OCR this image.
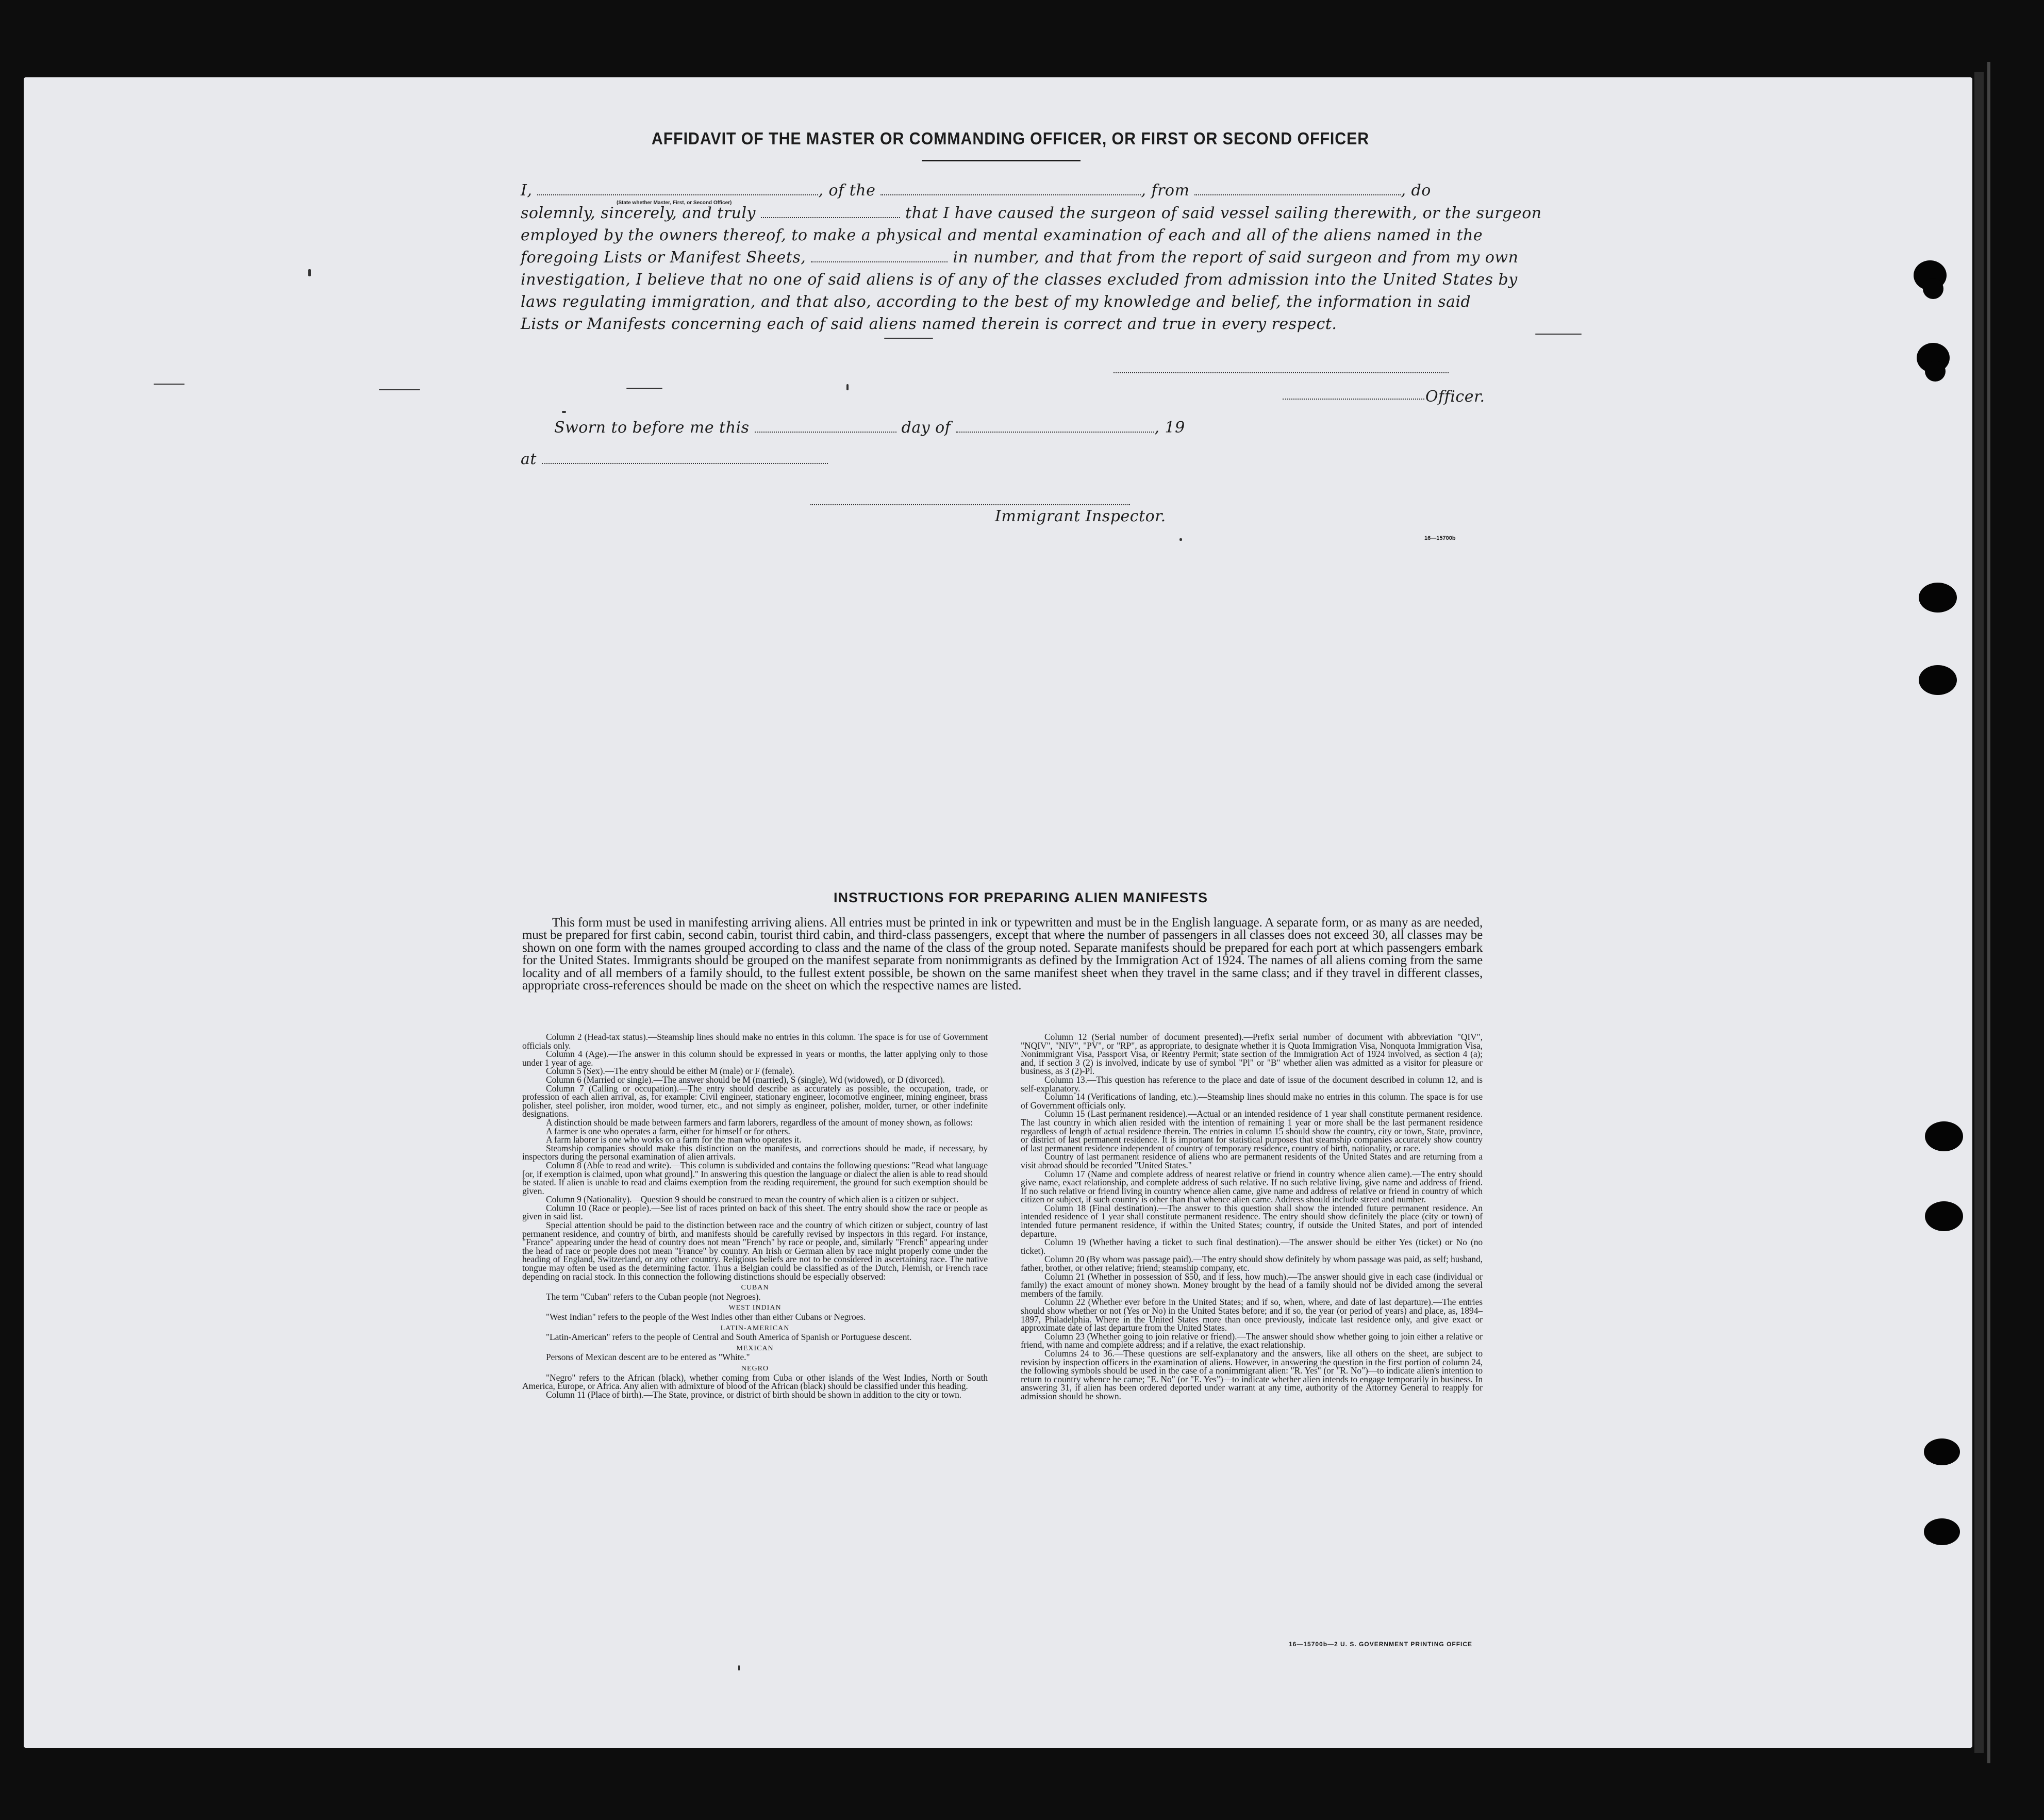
AFFIDAVIT OF THE MASTER OR COMMANDING OFFICER, OR FIRST OR SECOND OFFICER
I,	, of the	, from	, do
(State whether Master, First, or Second Officer)
solemnly, sincerely, and truly	that I have caused the surgeon of said vessel sailing therewith, or the surgeon
employed by the owners thereof, to make a physical and mental examination of each and all of the aliens named in the
foregoing Lists or Manifest Sheets,	in number, and that from the report of said surgeon and from my own
investigation, I believe that no one of said aliens is of any of the classes excluded from admission into the United States by
laws regulating immigration, and that also, according to the best of my knowledge and belief, the information in said
Lists or Manifests concerning each of said aliens named therein is correct and true in every respect.
Officer.
Sworn to before me this	day of	, 19
at
Immigrant Inspector.
16—15700b
INSTRUCTIONS FOR PREPARING ALIEN MANIFESTS
This form must be used in manifesting arriving aliens. All entries must be printed in ink or typewritten and must be in the English language. A separate form, or as many as are needed, must be prepared for first cabin, second cabin, tourist third cabin, and third-class passengers, except that where the number of passengers in all classes does not exceed 30, all classes may be shown on one form with the names grouped according to class and the name of the class of the group noted. Separate manifests should be prepared for each port at which passengers embark for the United States. Immigrants should be grouped on the manifest separate from nonimmigrants as defined by the Immigration Act of 1924. The names of all aliens coming from the same locality and of all members of a family should, to the fullest extent possible, be shown on the same manifest sheet when they travel in the same class; and if they travel in different classes, appropriate cross-references should be made on the sheet on which the respective names are listed.

Column 2 (Head-tax status).—Steamship lines should make no entries in this column. The space is for use of Government officials only.

Column 4 (Age).—The answer in this column should be expressed in years or months, the latter applying only to those under 1 year of age.

Column 5 (Sex).—The entry should be either M (male) or F (female).

Column 6 (Married or single).—The answer should be M (married), S (single), Wd (widowed), or D (divorced).

Column 7 (Calling or occupation).—The entry should describe as accurately as possible, the occupation, trade, or profession of each alien arrival, as, for example: Civil engineer, stationary engineer, locomotive engineer, mining engineer, brass polisher, steel polisher, iron molder, wood turner, etc., and not simply as engineer, polisher, molder, turner, or other indefinite designations.

A distinction should be made between farmers and farm laborers, regardless of the amount of money shown, as follows:

A farmer is one who operates a farm, either for himself or for others.

A farm laborer is one who works on a farm for the man who operates it.

Steamship companies should make this distinction on the manifests, and corrections should be made, if necessary, by inspectors during the personal examination of alien arrivals.

Column 8 (Able to read and write).—This column is subdivided and contains the following questions: "Read what language [or, if exemption is claimed, upon what ground]." In answering this question the language or dialect the alien is able to read should be stated. If alien is unable to read and claims exemption from the reading requirement, the ground for such exemption should be given.

Column 9 (Nationality).—Question 9 should be construed to mean the country of which alien is a citizen or subject.

Column 10 (Race or people).—See list of races printed on back of this sheet. The entry should show the race or people as given in said list.

Special attention should be paid to the distinction between race and the country of which citizen or subject, country of last permanent residence, and country of birth, and manifests should be carefully revised by inspectors in this regard. For instance, "France" appearing under the head of country does not mean "French" by race or people, and, similarly "French" appearing under the head of race or people does not mean "France" by country. An Irish or German alien by race might properly come under the heading of England, Switzerland, or any other country. Religious beliefs are not to be considered in ascertaining race. The native tongue may often be used as the determining factor. Thus a Belgian could be classified as of the Dutch, Flemish, or French race depending on racial stock. In this connection the following distinctions should be especially observed:

CUBAN

The term "Cuban" refers to the Cuban people (not Negroes).

WEST INDIAN

"West Indian" refers to the people of the West Indies other than either Cubans or Negroes.

LATIN-AMERICAN

"Latin-American" refers to the people of Central and South America of Spanish or Portuguese descent.

MEXICAN

Persons of Mexican descent are to be entered as "White."

NEGRO

"Negro" refers to the African (black), whether coming from Cuba or other islands of the West Indies, North or South America, Europe, or Africa. Any alien with admixture of blood of the African (black) should be classified under this heading.

Column 11 (Place of birth).—The State, province, or district of birth should be shown in addition to the city or town.

Column 12 (Serial number of document presented).—Prefix serial number of document with abbreviation "QIV", "NQIV", "NIV", "PV", or "RP", as appropriate, to designate whether it is Quota Immigration Visa, Nonquota Immigration Visa, Nonimmigrant Visa, Passport Visa, or Reentry Permit; state section of the Immigration Act of 1924 involved, as section 4 (a); and, if section 3 (2) is involved, indicate by use of symbol "Pl" or "B" whether alien was admitted as a visitor for pleasure or business, as 3 (2)-Pl.

Column 13.—This question has reference to the place and date of issue of the document described in column 12, and is self-explanatory.

Column 14 (Verifications of landing, etc.).—Steamship lines should make no entries in this column. The space is for use of Government officials only.

Column 15 (Last permanent residence).—Actual or an intended residence of 1 year shall constitute permanent residence. The last country in which alien resided with the intention of remaining 1 year or more shall be the last permanent residence regardless of length of actual residence therein. The entries in column 15 should show the country, city or town, State, province, or district of last permanent residence. It is important for statistical purposes that steamship companies accurately show country of last permanent residence independent of country of temporary residence, country of birth, nationality, or race.

Country of last permanent residence of aliens who are permanent residents of the United States and are returning from a visit abroad should be recorded "United States."

Column 17 (Name and complete address of nearest relative or friend in country whence alien came).—The entry should give name, exact relationship, and complete address of such relative. If no such relative living, give name and address of friend. If no such relative or friend living in country whence alien came, give name and address of relative or friend in country of which citizen or subject, if such country is other than that whence alien came. Address should include street and number.

Column 18 (Final destination).—The answer to this question shall show the intended future permanent residence. An intended residence of 1 year shall constitute permanent residence. The entry should show definitely the place (city or town) of intended future permanent residence, if within the United States; country, if outside the United States, and port of intended departure.

Column 19 (Whether having a ticket to such final destination).—The answer should be either Yes (ticket) or No (no ticket).

Column 20 (By whom was passage paid).—The entry should show definitely by whom passage was paid, as self; husband, father, brother, or other relative; friend; steamship company, etc.

Column 21 (Whether in possession of $50, and if less, how much).—The answer should give in each case (individual or family) the exact amount of money shown. Money brought by the head of a family should not be divided among the several members of the family.

Column 22 (Whether ever before in the United States; and if so, when, where, and date of last departure).—The entries should show whether or not (Yes or No) in the United States before; and if so, the year (or period of years) and place, as, 1894–1897, Philadelphia. Where in the United States more than once previously, indicate last residence only, and give exact or approximate date of last departure from the United States.

Column 23 (Whether going to join relative or friend).—The answer should show whether going to join either a relative or friend, with name and complete address; and if a relative, the exact relationship.

Columns 24 to 36.—These questions are self-explanatory and the answers, like all others on the sheet, are subject to revision by inspection officers in the examination of aliens. However, in answering the question in the first portion of column 24, the following symbols should be used in the case of a nonimmigrant alien: "R. Yes" (or "R. No")—to indicate alien's intention to return to country whence he came; "E. No" (or "E. Yes")—to indicate whether alien intends to engage temporarily in business. In answering 31, if alien has been ordered deported under warrant at any time, authority of the Attorney General to reapply for admission should be shown.

16—15700b—2 U. S. GOVERNMENT PRINTING OFFICE
